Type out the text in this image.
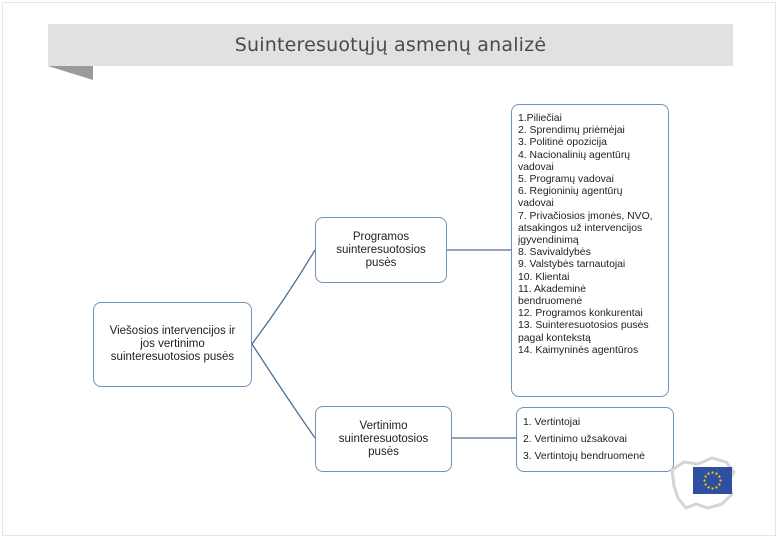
Suinteresuotųjų asmenų analizė
Viešosios intervencijos ir
jos vertinimo
suinteresuotosios pusės
Programos
suinteresuotosios
pusės
Vertinimo
suinteresuotosios
pusės
1.Piliečiai
2. Sprendimų priėmėjai
3. Politinė opozicija
4. Nacionalinių agentūrų
vadovai
5. Programų vadovai
6. Regioninių agentūrų
vadovai
7. Privačiosios įmonės, NVO,
atsakingos už intervencijos
įgyvendinimą
8. Savivaldybės
9. Valstybės tarnautojai
10. Klientai
11. Akademinė
bendruomenė
12. Programos konkurentai
13. Suinteresuotosios pusės
pagal kontekstą
14. Kaimyninės agentūros
1. Vertintojai
2. Vertinimo užsakovai
3. Vertintojų bendruomenė
